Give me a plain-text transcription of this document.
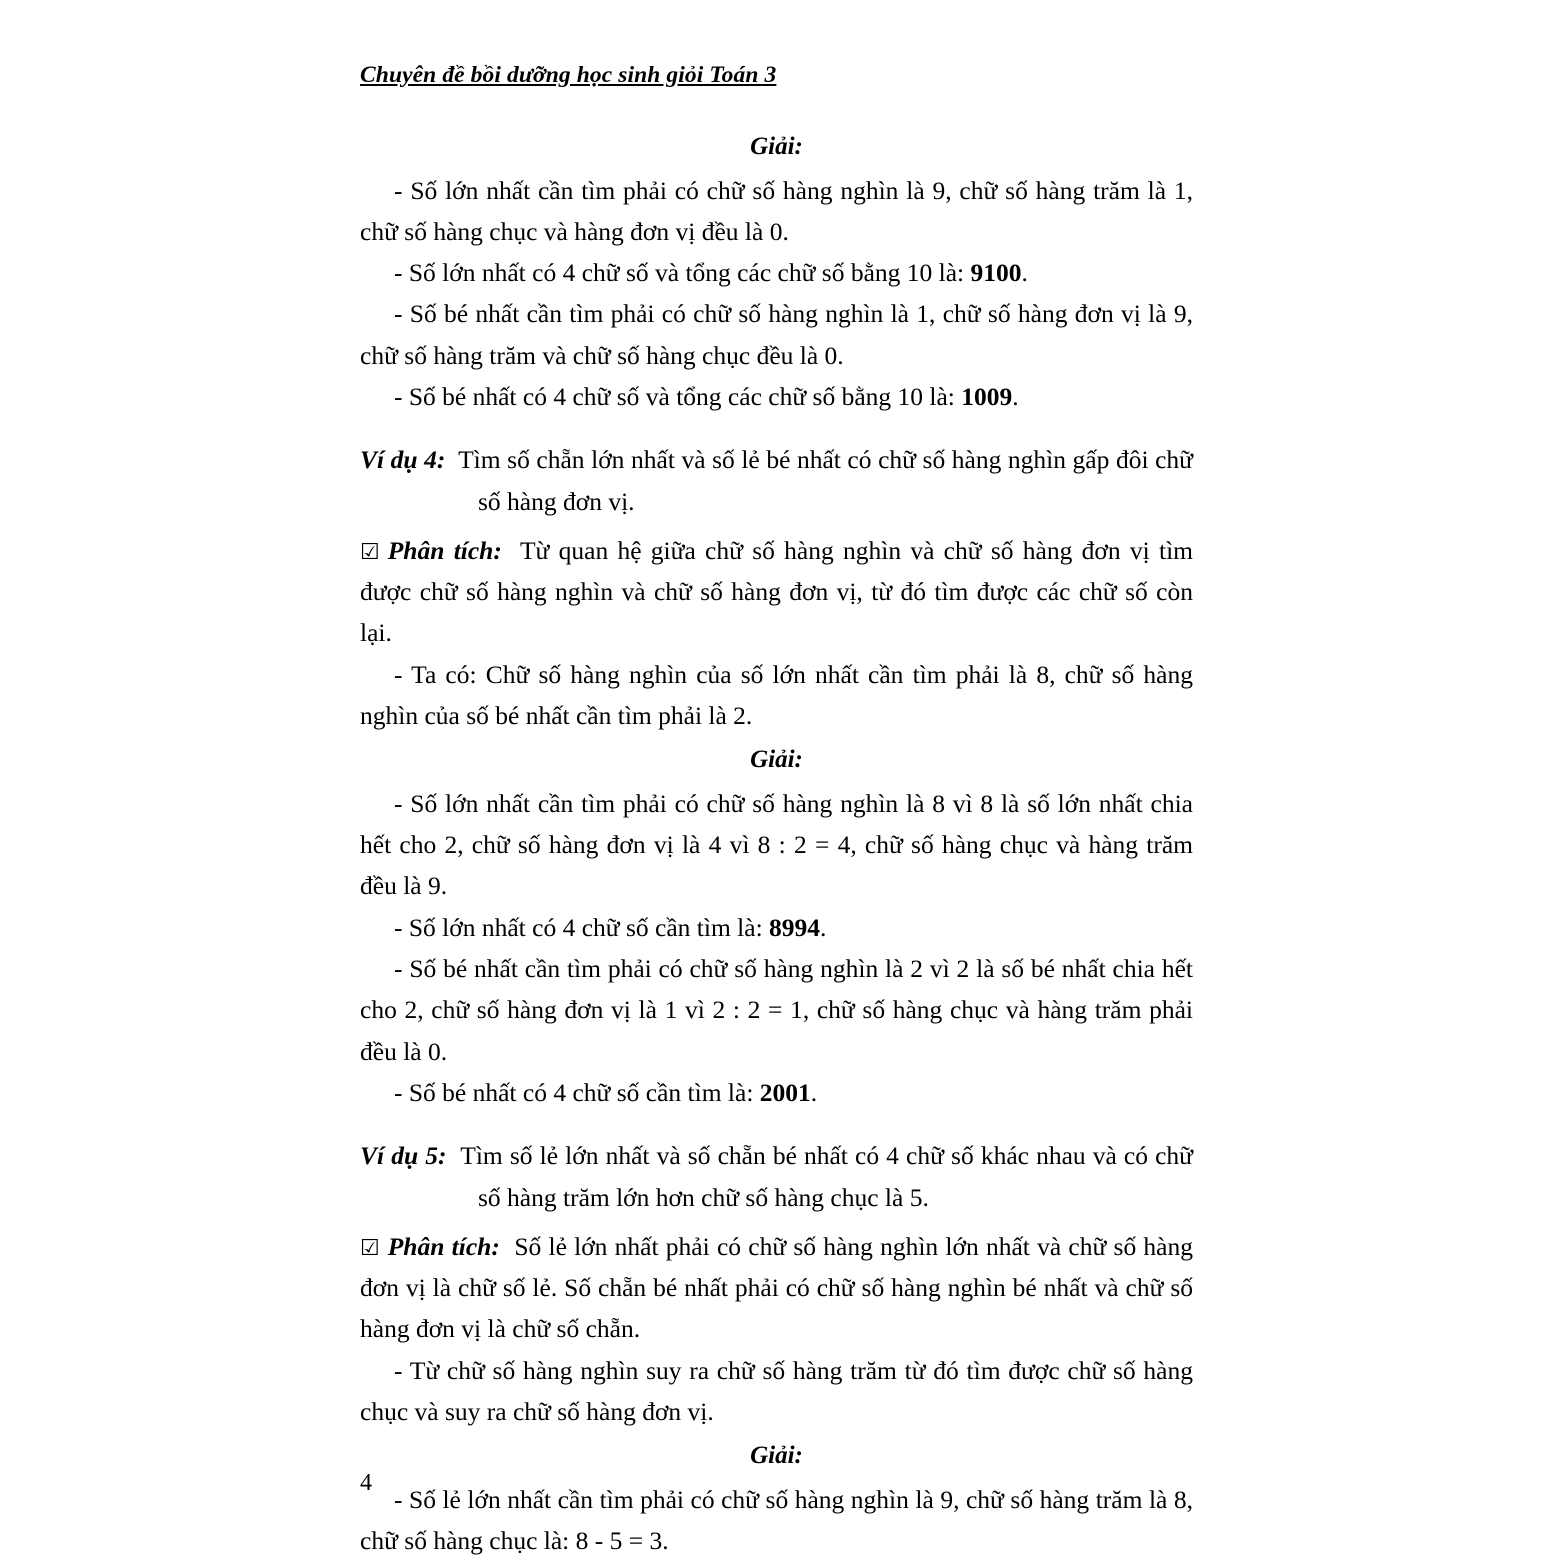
Chuyên đề bồi dưỡng học sinh giỏi Toán 3
Giải:

- Số lớn nhất cần tìm phải có chữ số hàng nghìn là 9, chữ số hàng trăm là 1, chữ số hàng chục và hàng đơn vị đều là 0.

- Số lớn nhất có 4 chữ số và tổng các chữ số bằng 10 là: 9100.

- Số bé nhất cần tìm phải có chữ số hàng nghìn là 1, chữ số hàng đơn vị là 9, chữ số hàng trăm và chữ số hàng chục đều là 0.

- Số bé nhất có 4 chữ số và tổng các chữ số bằng 10 là: 1009.

Ví dụ 4: Tìm số chẵn lớn nhất và số lẻ bé nhất có chữ số hàng nghìn gấp đôi chữ số hàng đơn vị.

☑ Phân tích: Từ quan hệ giữa chữ số hàng nghìn và chữ số hàng đơn vị tìm được chữ số hàng nghìn và chữ số hàng đơn vị, từ đó tìm được các chữ số còn lại.

- Ta có: Chữ số hàng nghìn của số lớn nhất cần tìm phải là 8, chữ số hàng nghìn của số bé nhất cần tìm phải là 2.

Giải:

- Số lớn nhất cần tìm phải có chữ số hàng nghìn là 8 vì 8 là số lớn nhất chia hết cho 2, chữ số hàng đơn vị là 4 vì 8 : 2 = 4, chữ số hàng chục và hàng trăm đều là 9.

- Số lớn nhất có 4 chữ số cần tìm là: 8994.

- Số bé nhất cần tìm phải có chữ số hàng nghìn là 2 vì 2 là số bé nhất chia hết cho 2, chữ số hàng đơn vị là 1 vì 2 : 2 = 1, chữ số hàng chục và hàng trăm phải đều là 0.

- Số bé nhất có 4 chữ số cần tìm là: 2001.

Ví dụ 5: Tìm số lẻ lớn nhất và số chẵn bé nhất có 4 chữ số khác nhau và có chữ số hàng trăm lớn hơn chữ số hàng chục là 5.

☑ Phân tích: Số lẻ lớn nhất phải có chữ số hàng nghìn lớn nhất và chữ số hàng đơn vị là chữ số lẻ. Số chẵn bé nhất phải có chữ số hàng nghìn bé nhất và chữ số hàng đơn vị là chữ số chẵn.

- Từ chữ số hàng nghìn suy ra chữ số hàng trăm từ đó tìm được chữ số hàng chục và suy ra chữ số hàng đơn vị.

Giải:

- Số lẻ lớn nhất cần tìm phải có chữ số hàng nghìn là 9, chữ số hàng trăm là 8, chữ số hàng chục là: 8 - 5 = 3.

4
